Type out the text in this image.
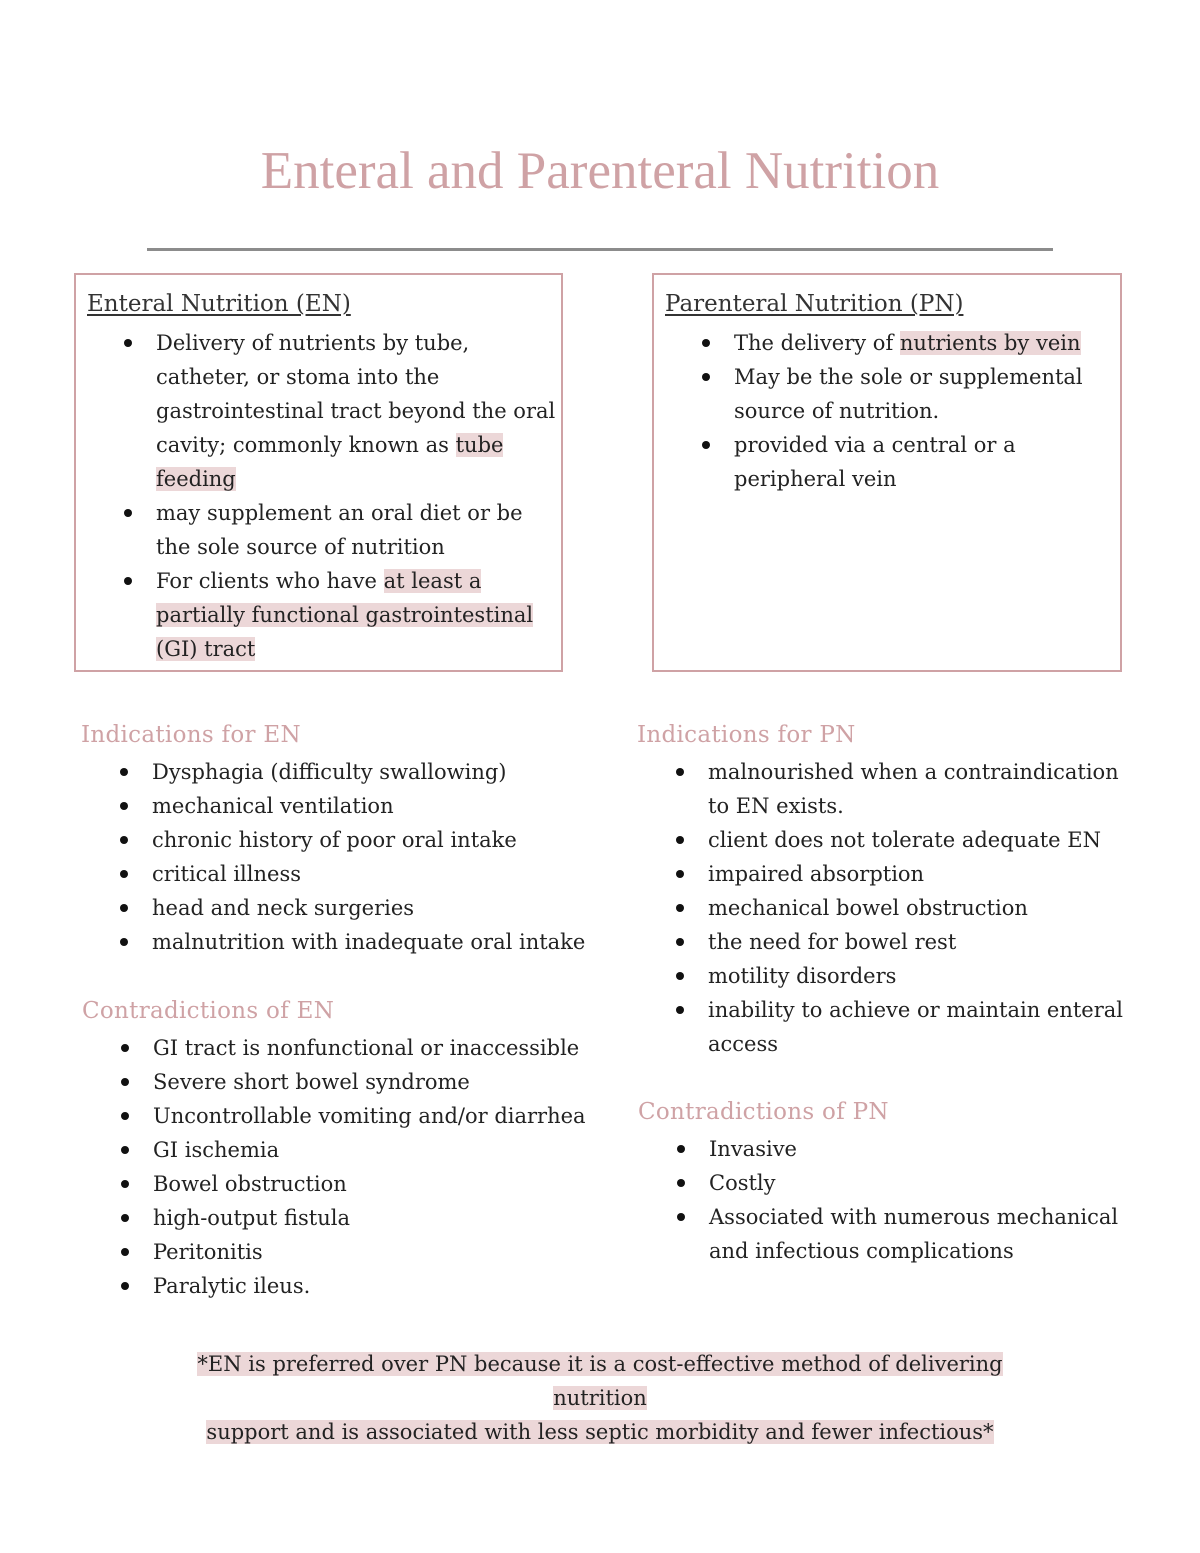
Enteral and Parenteral Nutrition
Enteral Nutrition (EN)
Delivery of nutrients by tube, catheter, or stoma into the gastrointestinal tract beyond the oral cavity; commonly known as tube feeding
may supplement an oral diet or be the sole source of nutrition
For clients who have at least a partially functional gastrointestinal (GI) tract
Parenteral Nutrition (PN)
The delivery of nutrients by vein
May be the sole or supplemental source of nutrition.
provided via a central or a peripheral vein
Indications for EN
Dysphagia (difficulty swallowing)
mechanical ventilation
chronic history of poor oral intake
critical illness
head and neck surgeries
malnutrition with inadequate oral intake
Contradictions of EN
GI tract is nonfunctional or inaccessible
Severe short bowel syndrome
Uncontrollable vomiting and/or diarrhea
GI ischemia
Bowel obstruction
high-output fistula
Peritonitis
Paralytic ileus.
Indications for PN
malnourished when a contraindication to EN exists.
client does not tolerate adequate EN
impaired absorption
mechanical bowel obstruction
the need for bowel rest
motility disorders
inability to achieve or maintain enteral access
Contradictions of PN
Invasive
Costly
Associated with numerous mechanical and infectious complications
*EN is preferred over PN because it is a cost-effective method of delivering nutrition
support and is associated with less septic morbidity and fewer infectious*
